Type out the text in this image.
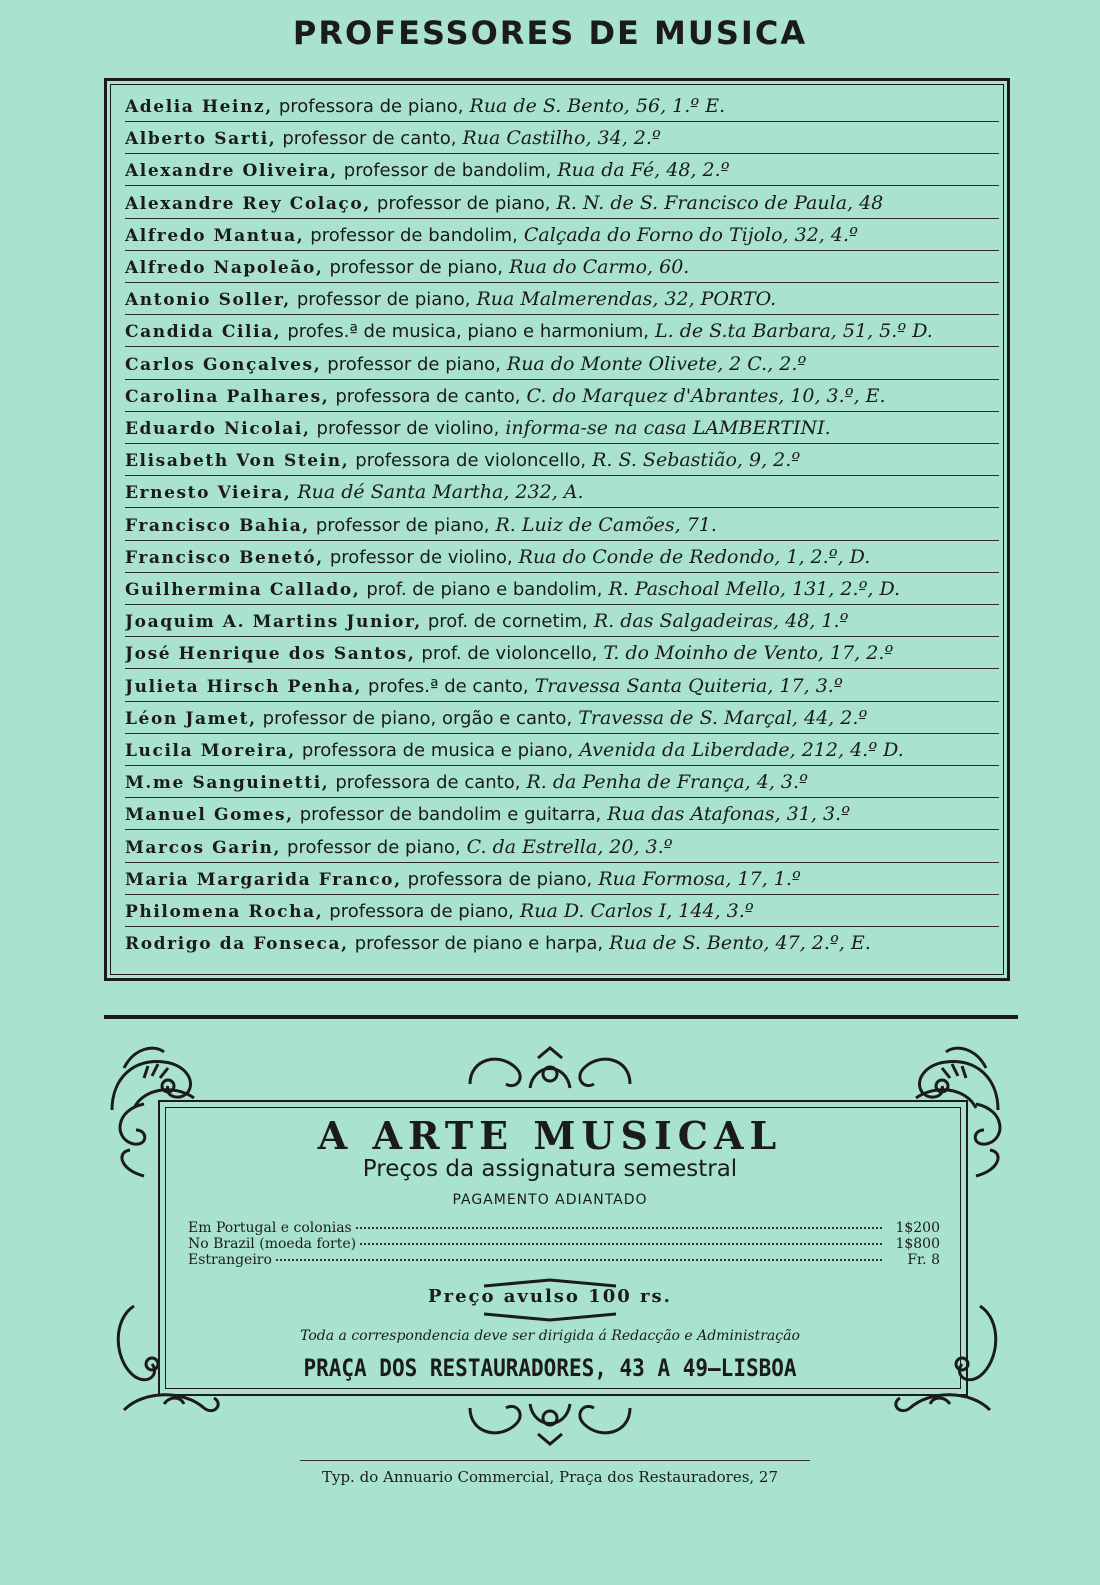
PROFESSORES DE MUSICA
Adelia Heinz, professora de piano, Rua de S. Bento, 56, 1.º E.
Alberto Sarti, professor de canto, Rua Castilho, 34, 2.º
Alexandre Oliveira, professor de bandolim, Rua da Fé, 48, 2.º
Alexandre Rey Colaço, professor de piano, R. N. de S. Francisco de Paula, 48
Alfredo Mantua, professor de bandolim, Calçada do Forno do Tijolo, 32, 4.º
Alfredo Napoleão, professor de piano, Rua do Carmo, 60.
Antonio Soller, professor de piano, Rua Malmerendas, 32, PORTO.
Candida Cilia, profes.ª de musica, piano e harmonium, L. de S.ta Barbara, 51, 5.º D.
Carlos Gonçalves, professor de piano, Rua do Monte Olivete, 2 C., 2.º
Carolina Palhares, professora de canto, C. do Marquez d'Abrantes, 10, 3.º, E.
Eduardo Nicolai, professor de violino, informa-se na casa LAMBERTINI.
Elisabeth Von Stein, professora de violoncello, R. S. Sebastião, 9, 2.º
Ernesto Vieira, Rua dé Santa Martha, 232, A.
Francisco Bahia, professor de piano, R. Luiz de Camões, 71.
Francisco Benetó, professor de violino, Rua do Conde de Redondo, 1, 2.º, D.
Guilhermina Callado, prof. de piano e bandolim, R. Paschoal Mello, 131, 2.º, D.
Joaquim A. Martins Junior, prof. de cornetim, R. das Salgadeiras, 48, 1.º
José Henrique dos Santos, prof. de violoncello, T. do Moinho de Vento, 17, 2.º
Julieta Hirsch Penha, profes.ª de canto, Travessa Santa Quiteria, 17, 3.º
Léon Jamet, professor de piano, orgão e canto, Travessa de S. Marçal, 44, 2.º
Lucila Moreira, professora de musica e piano, Avenida da Liberdade, 212, 4.º D.
M.me Sanguinetti, professora de canto, R. da Penha de França, 4, 3.º
Manuel Gomes, professor de bandolim e guitarra, Rua das Atafonas, 31, 3.º
Marcos Garin, professor de piano, C. da Estrella, 20, 3.º
Maria Margarida Franco, professora de piano, Rua Formosa, 17, 1.º
Philomena Rocha, professora de piano, Rua D. Carlos I, 144, 3.º
Rodrigo da Fonseca, professor de piano e harpa, Rua de S. Bento, 47, 2.º, E.
A ARTE MUSICAL
Preços da assignatura semestral
PAGAMENTO ADIANTADO
Em Portugal e colonias	1$200
No Brazil (moeda forte)	1$800
Estrangeiro	Fr. 8
Preço avulso 100 rs.
Toda a correspondencia deve ser dirigida á Redacção e Administração
PRAÇA DOS RESTAURADORES, 43 A 49—LISBOA
Typ. do Annuario Commercial, Praça dos Restauradores, 27
